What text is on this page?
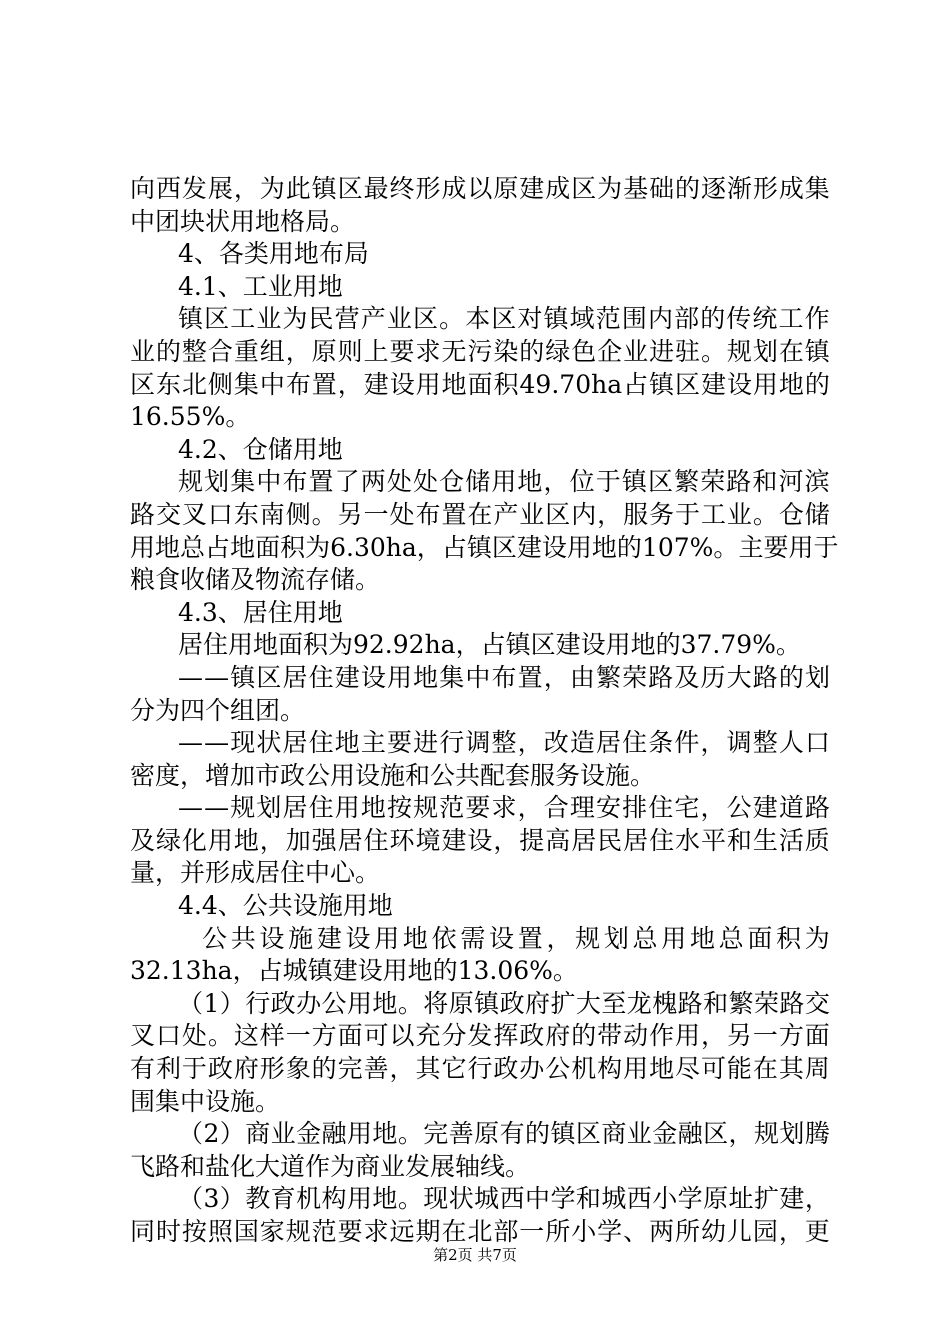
向 西 发 展 ， 为 此 镇 区 最 终 形 成 以 原 建 成 区 为 基 础 的 逐 渐 形 成 集
中团块状用地格局。
4、各类用地布局
4.1、工业用地
镇 区 工 业 为 民 营 产 业 区 。 本 区 对 镇 域 范 围 内 部 的 传 统 工 作
业 的 整 合 重 组 ， 原 则 上 要 求 无 污 染 的 绿 色 企 业 进 驻 。 规 划 在 镇
区 东 北 侧 集 中 布 置 ， 建 设 用 地 面 积 49.70ha 占 镇 区 建 设 用 地 的
16.55%。
4.2、仓储用地
规 划 集 中 布 置 了 两 处 处 仓 储 用 地 ， 位 于 镇 区 繁 荣 路 和 河 滨
路 交 叉 口 东 南 侧 。 另 一 处 布 置 在 产 业 区 内 ， 服 务 于 工 业 。 仓 储
用 地 总 占 地 面 积 为 6.30ha ， 占 镇 区 建 设 用 地 的 107% 。 主 要 用 于
粮食收储及物流存储。
4.3、居住用地
居住用地面积为92.92ha，占镇区建设用地的37.79%。
— — 镇 区 居 住 建 设 用 地 集 中 布 置 ， 由 繁 荣 路 及 历 大 路 的 划
分为四个组团。
— — 现 状 居 住 地 主 要 进 行 调 整 ， 改 造 居 住 条 件 ， 调 整 人 口
密度，增加市政公用设施和公共配套服务设施。
— — 规 划 居 住 用 地 按 规 范 要 求 ， 合 理 安 排 住 宅 ， 公 建 道 路
及 绿 化 用 地 ， 加 强 居 住 环 境 建 设 ， 提 高 居 民 居 住 水 平 和 生 活 质
量，并形成居住中心。
4.4、公共设施用地
公 共 设 施 建 设 用 地 依 需 设 置 ， 规 划 总 用 地 总 面 积 为
32.13ha，占城镇建设用地的13.06%。
（ 1 ） 行 政 办 公 用 地 。 将 原 镇 政 府 扩 大 至 龙 槐 路 和 繁 荣 路 交
叉 口 处 。 这 样 一 方 面 可 以 充 分 发 挥 政 府 的 带 动 作 用 ， 另 一 方 面
有 利 于 政 府 形 象 的 完 善 ， 其 它 行 政 办 公 机 构 用 地 尽 可 能 在 其 周
围集中设施。
（ 2 ） 商 业 金 融 用 地 。 完 善 原 有 的 镇 区 商 业 金 融 区 ， 规 划 腾
飞路和盐化大道作为商业发展轴线。
（ 3 ） 教 育 机 构 用 地 。 现 状 城 西 中 学 和 城 西 小 学 原 址 扩 建 ，
同 时 按 照 国 家 规 范 要 求 远 期 在 北 部 一 所 小 学 、 两 所 幼 儿 园 ， 更
第2页 共7页
